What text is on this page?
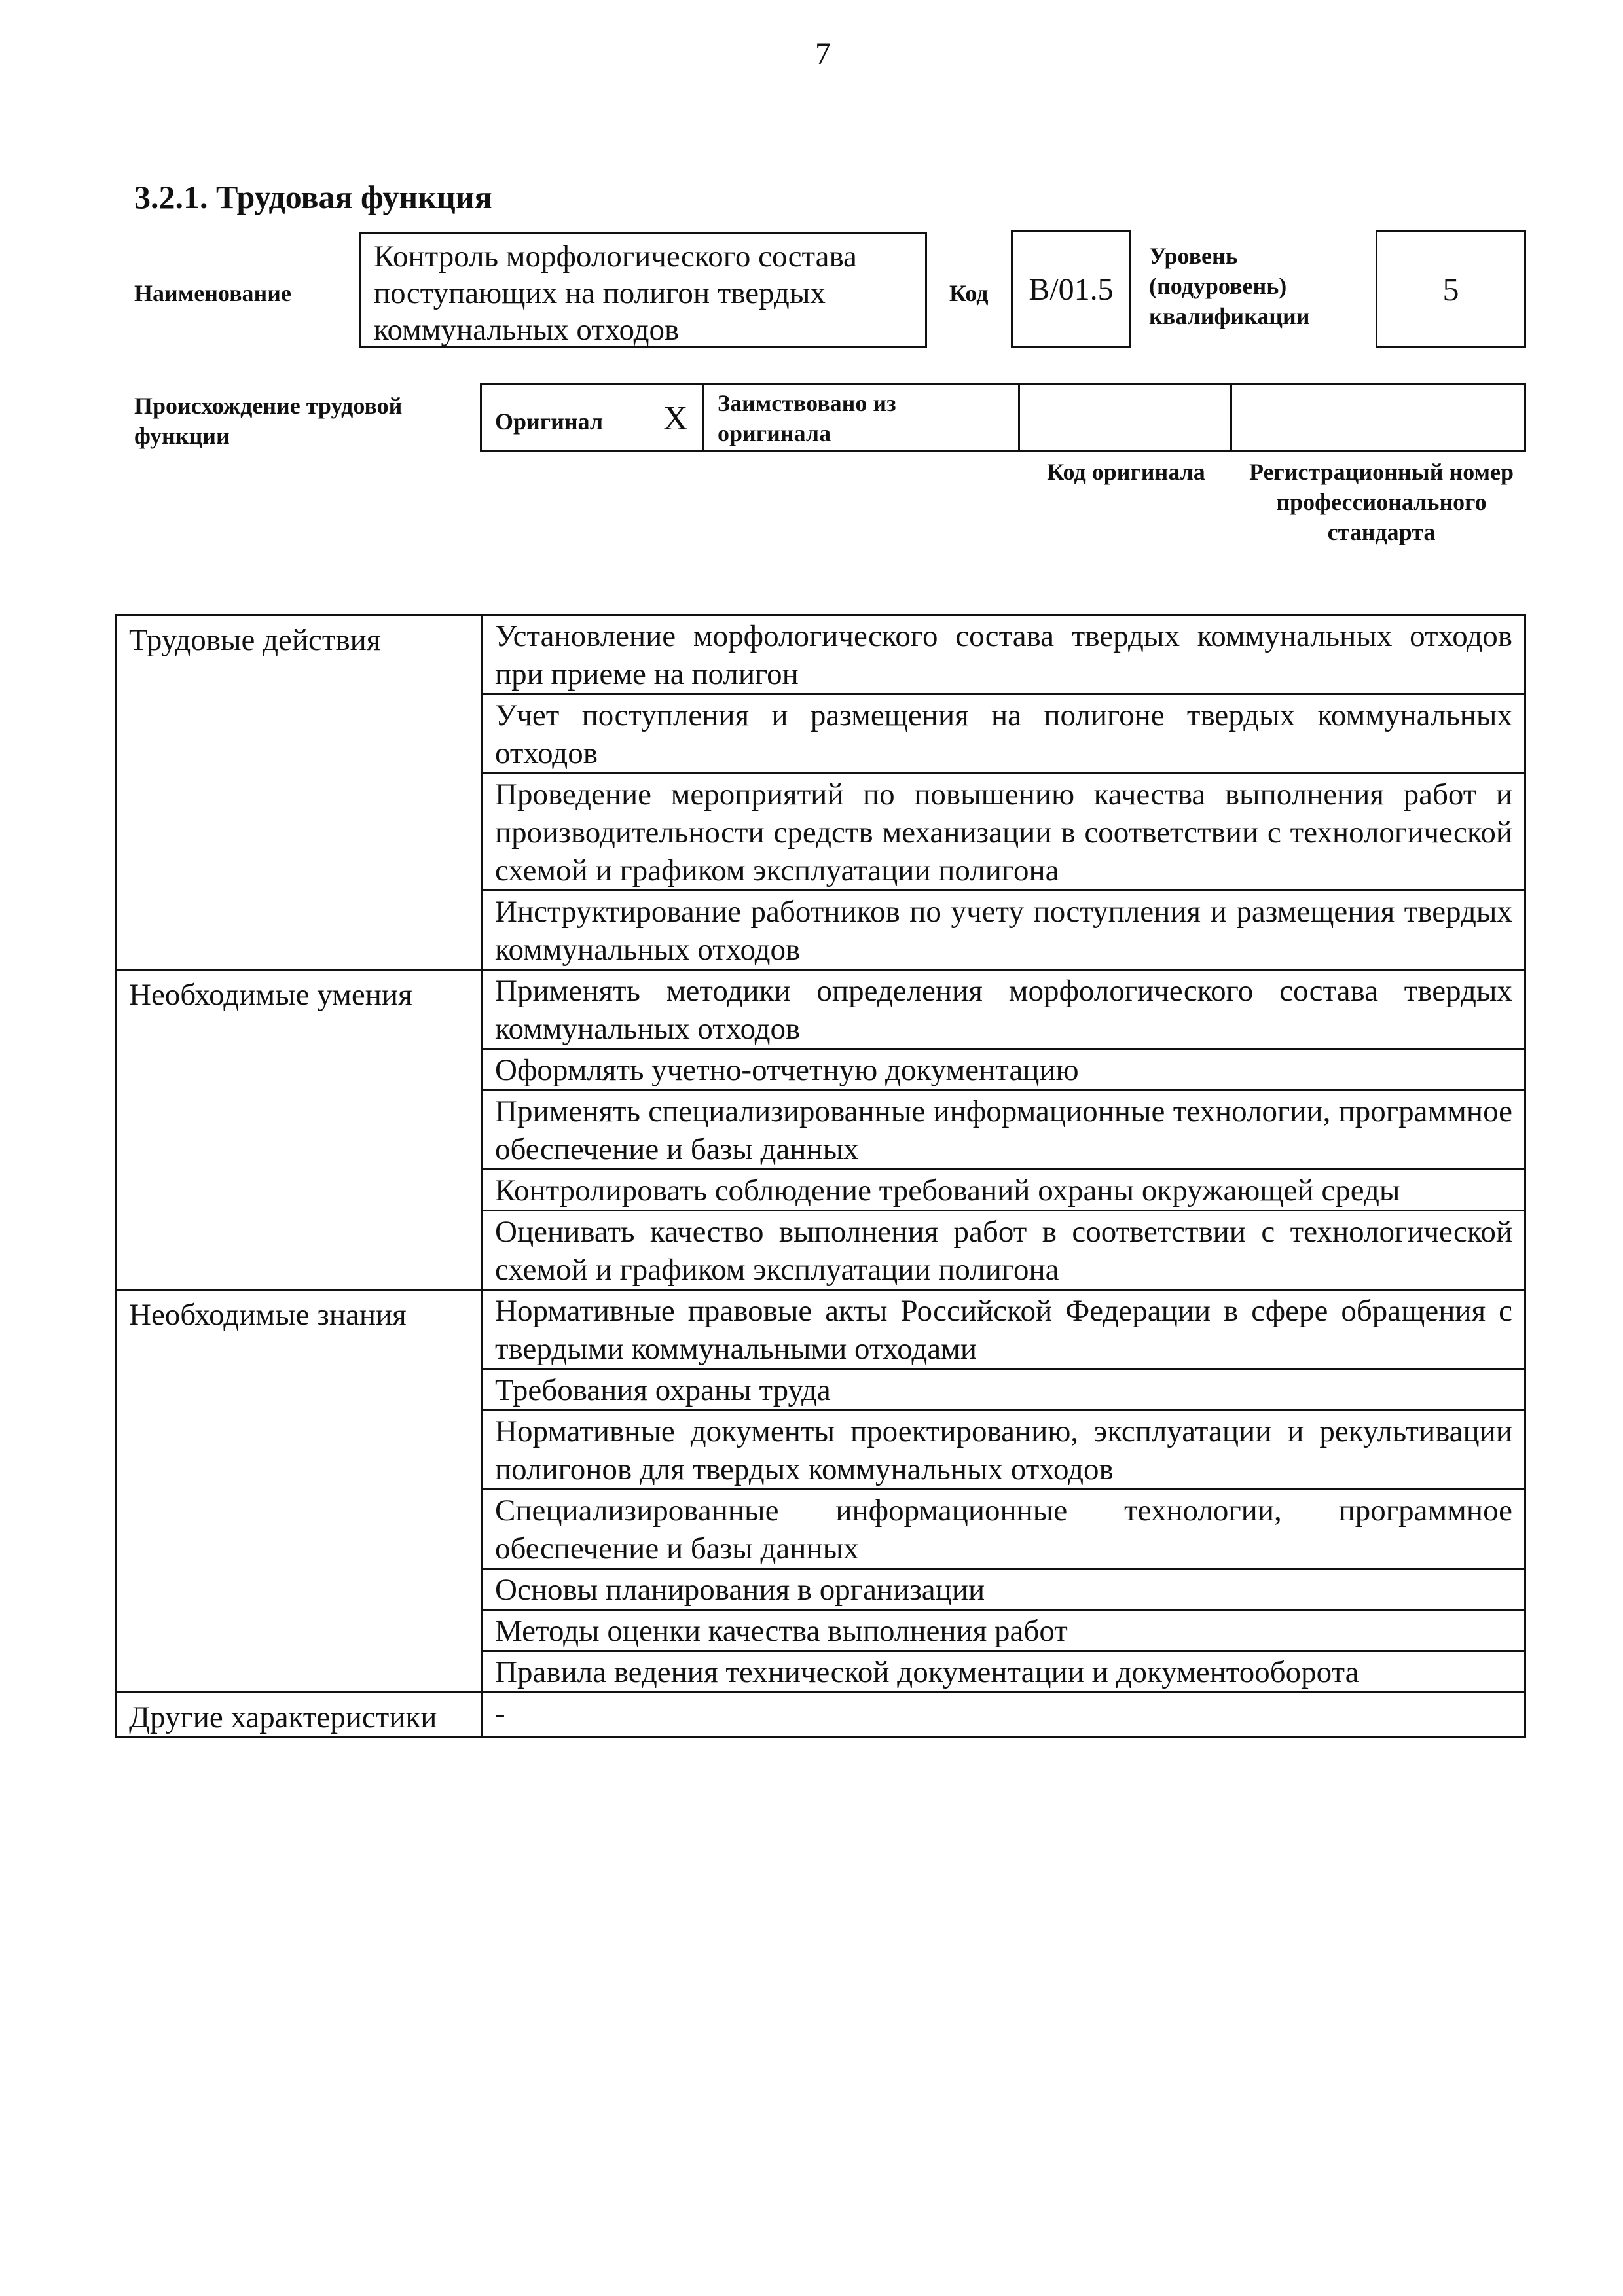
7
3.2.1. Трудовая функция
Наименование
Контроль морфологического состава поступающих на полигон твердых коммунальных отходов
Код В/01.5
Уровень (подуровень) квалификации
5
Происхождение трудовой функции
Оригинал X Заимствовано из оригинала
Код оригинала	Регистрационный номер профессионального стандарта
Трудовые действия	Установление морфологического состава твердых коммунальных отходов при приеме на полигон
	Учет поступления и размещения на полигоне твердых коммунальных отходов
	Проведение мероприятий по повышению качества выполнения работ и производительности средств механизации в соответствии с технологической схемой и графиком эксплуатации полигона
	Инструктирование работников по учету поступления и размещения твердых коммунальных отходов
Необходимые умения	Применять методики определения морфологического состава твердых коммунальных отходов
	Оформлять учетно-отчетную документацию
	Применять специализированные информационные технологии, программное обеспечение и базы данных
	Контролировать соблюдение требований охраны окружающей среды
	Оценивать качество выполнения работ в соответствии с технологической схемой и графиком эксплуатации полигона
Необходимые знания	Нормативные правовые акты Российской Федерации в сфере обращения с твердыми коммунальными отходами
	Требования охраны труда
	Нормативные документы проектированию, эксплуатации и рекультивации полигонов для твердых коммунальных отходов
	Специализированные информационные технологии, программное обеспечение и базы данных
	Основы планирования в организации
	Методы оценки качества выполнения работ
	Правила ведения технической документации и документооборота
Другие характеристики	-
